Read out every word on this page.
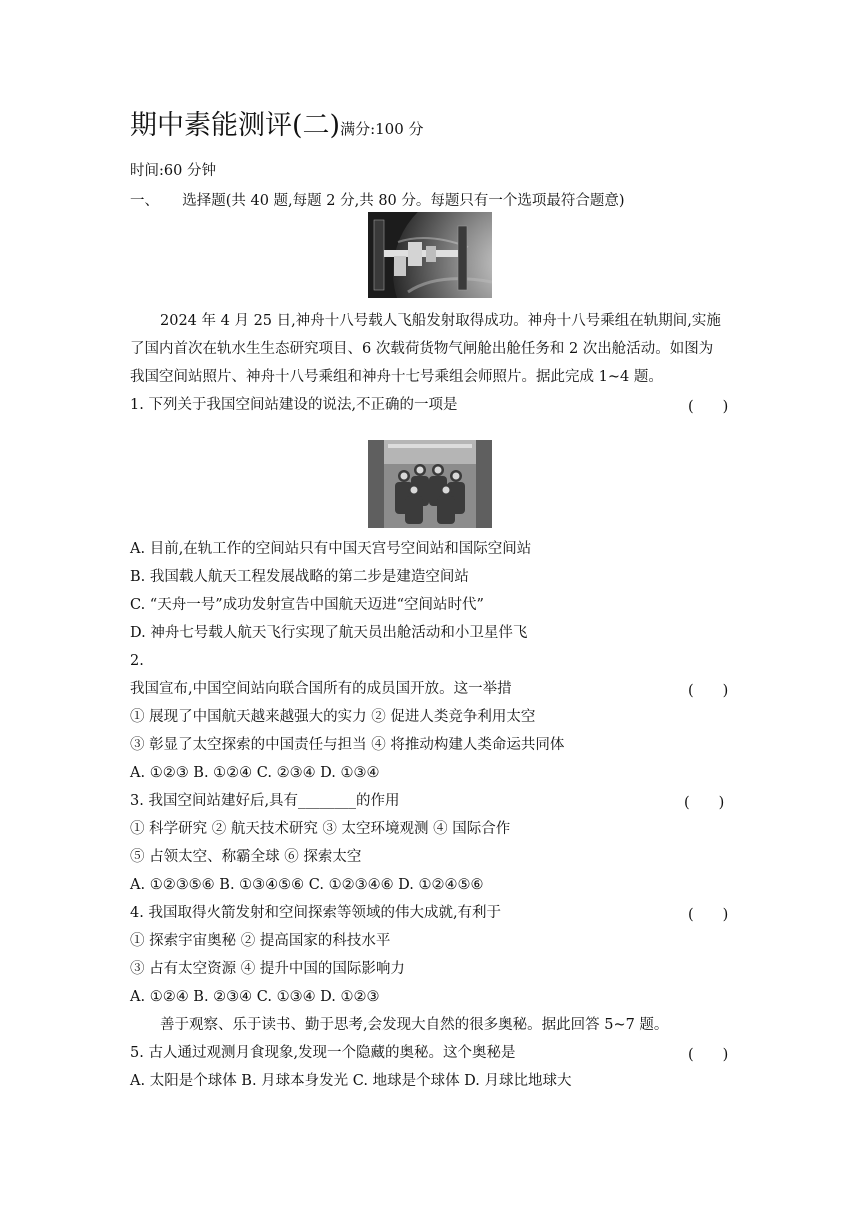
期中素能测评(二)满分:100 分
时间:60 分钟
一、 选择题(共 40 题,每题 2 分,共 80 分。每题只有一个选项最符合题意)
2024 年 4 月 25 日,神舟十八号载人飞船发射取得成功。神舟十八号乘组在轨期间,实施
了国内首次在轨水生生态研究项目、6 次载荷货物气闸舱出舱任务和 2 次出舱活动。如图为
我国空间站照片、神舟十八号乘组和神舟十七号乘组会师照片。据此完成 1~4 题。
1. 下列关于我国空间站建设的说法,不正确的一项是	(　　)
A. 目前,在轨工作的空间站只有中国天宫号空间站和国际空间站
B. 我国载人航天工程发展战略的第二步是建造空间站
C. “天舟一号”成功发射宣告中国航天迈进“空间站时代”
D. 神舟七号载人航天飞行实现了航天员出舱活动和小卫星伴飞
2.
我国宣布,中国空间站向联合国所有的成员国开放。这一举措	(　　)
① 展现了中国航天越来越强大的实力 ② 促进人类竞争利用太空
③ 彰显了太空探索的中国责任与担当 ④ 将推动构建人类命运共同体
A. ①②③ B. ①②④ C. ②③④ D. ①③④
3. 我国空间站建好后,具有________的作用	(　　)
① 科学研究 ② 航天技术研究 ③ 太空环境观测 ④ 国际合作
⑤ 占领太空、称霸全球 ⑥ 探索太空
A. ①②③⑤⑥ B. ①③④⑤⑥ C. ①②③④⑥ D. ①②④⑤⑥
4. 我国取得火箭发射和空间探索等领域的伟大成就,有利于	(　　)
① 探索宇宙奥秘 ② 提高国家的科技水平
③ 占有太空资源 ④ 提升中国的国际影响力
A. ①②④ B. ②③④ C. ①③④ D. ①②③
善于观察、乐于读书、勤于思考,会发现大自然的很多奥秘。据此回答 5~7 题。
5. 古人通过观测月食现象,发现一个隐藏的奥秘。这个奥秘是	(　　)
A. 太阳是个球体 B. 月球本身发光 C. 地球是个球体 D. 月球比地球大
